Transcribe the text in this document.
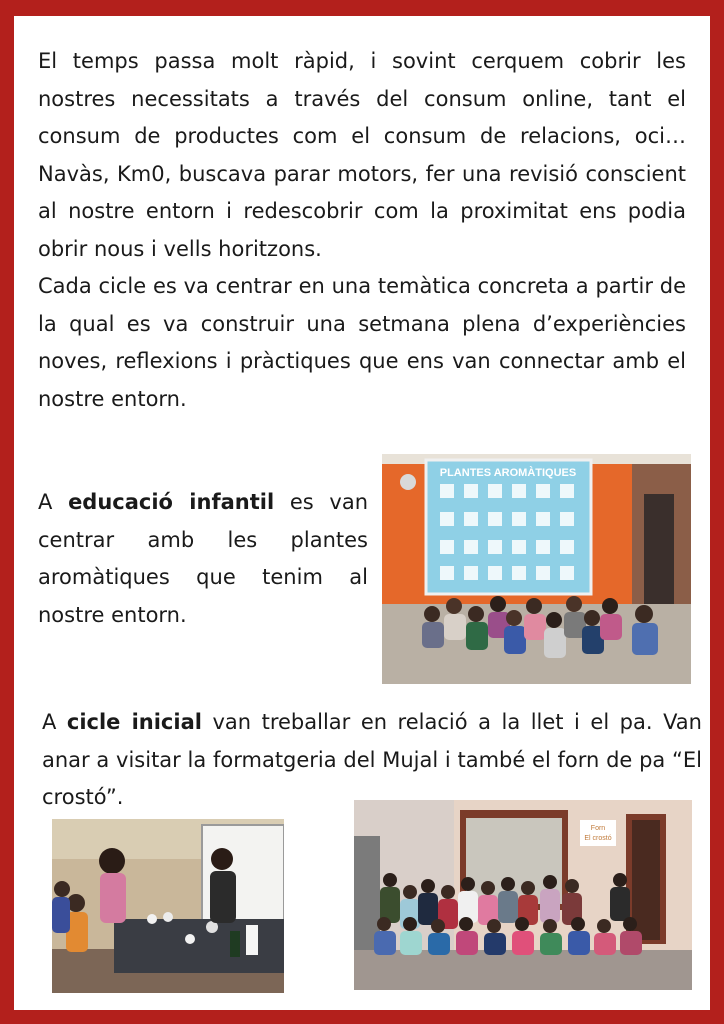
El temps passa molt ràpid, i sovint cerquem cobrir les nostres necessitats a través del consum online, tant el consum de productes com el consum de relacions, oci… Navàs, Km0, buscava parar motors, fer una revisió conscient al nostre entorn i redescobrir com la proximitat ens podia obrir nous i vells horitzons.
Cada cicle es va centrar en una temàtica concreta a partir de la qual es va construir una setmana plena d’experiències noves, reflexions i pràctiques que ens van connectar amb el nostre entorn.
PLANTES AROMÀTIQUES
A educació infantil es van centrar amb les plantes aromàtiques que tenim al nostre entorn.
A cicle inicial van treballar en relació a la llet i el pa. Van anar a visitar la formatgeria del Mujal i també el forn de pa “El crostó”.
Forn
El crostó
